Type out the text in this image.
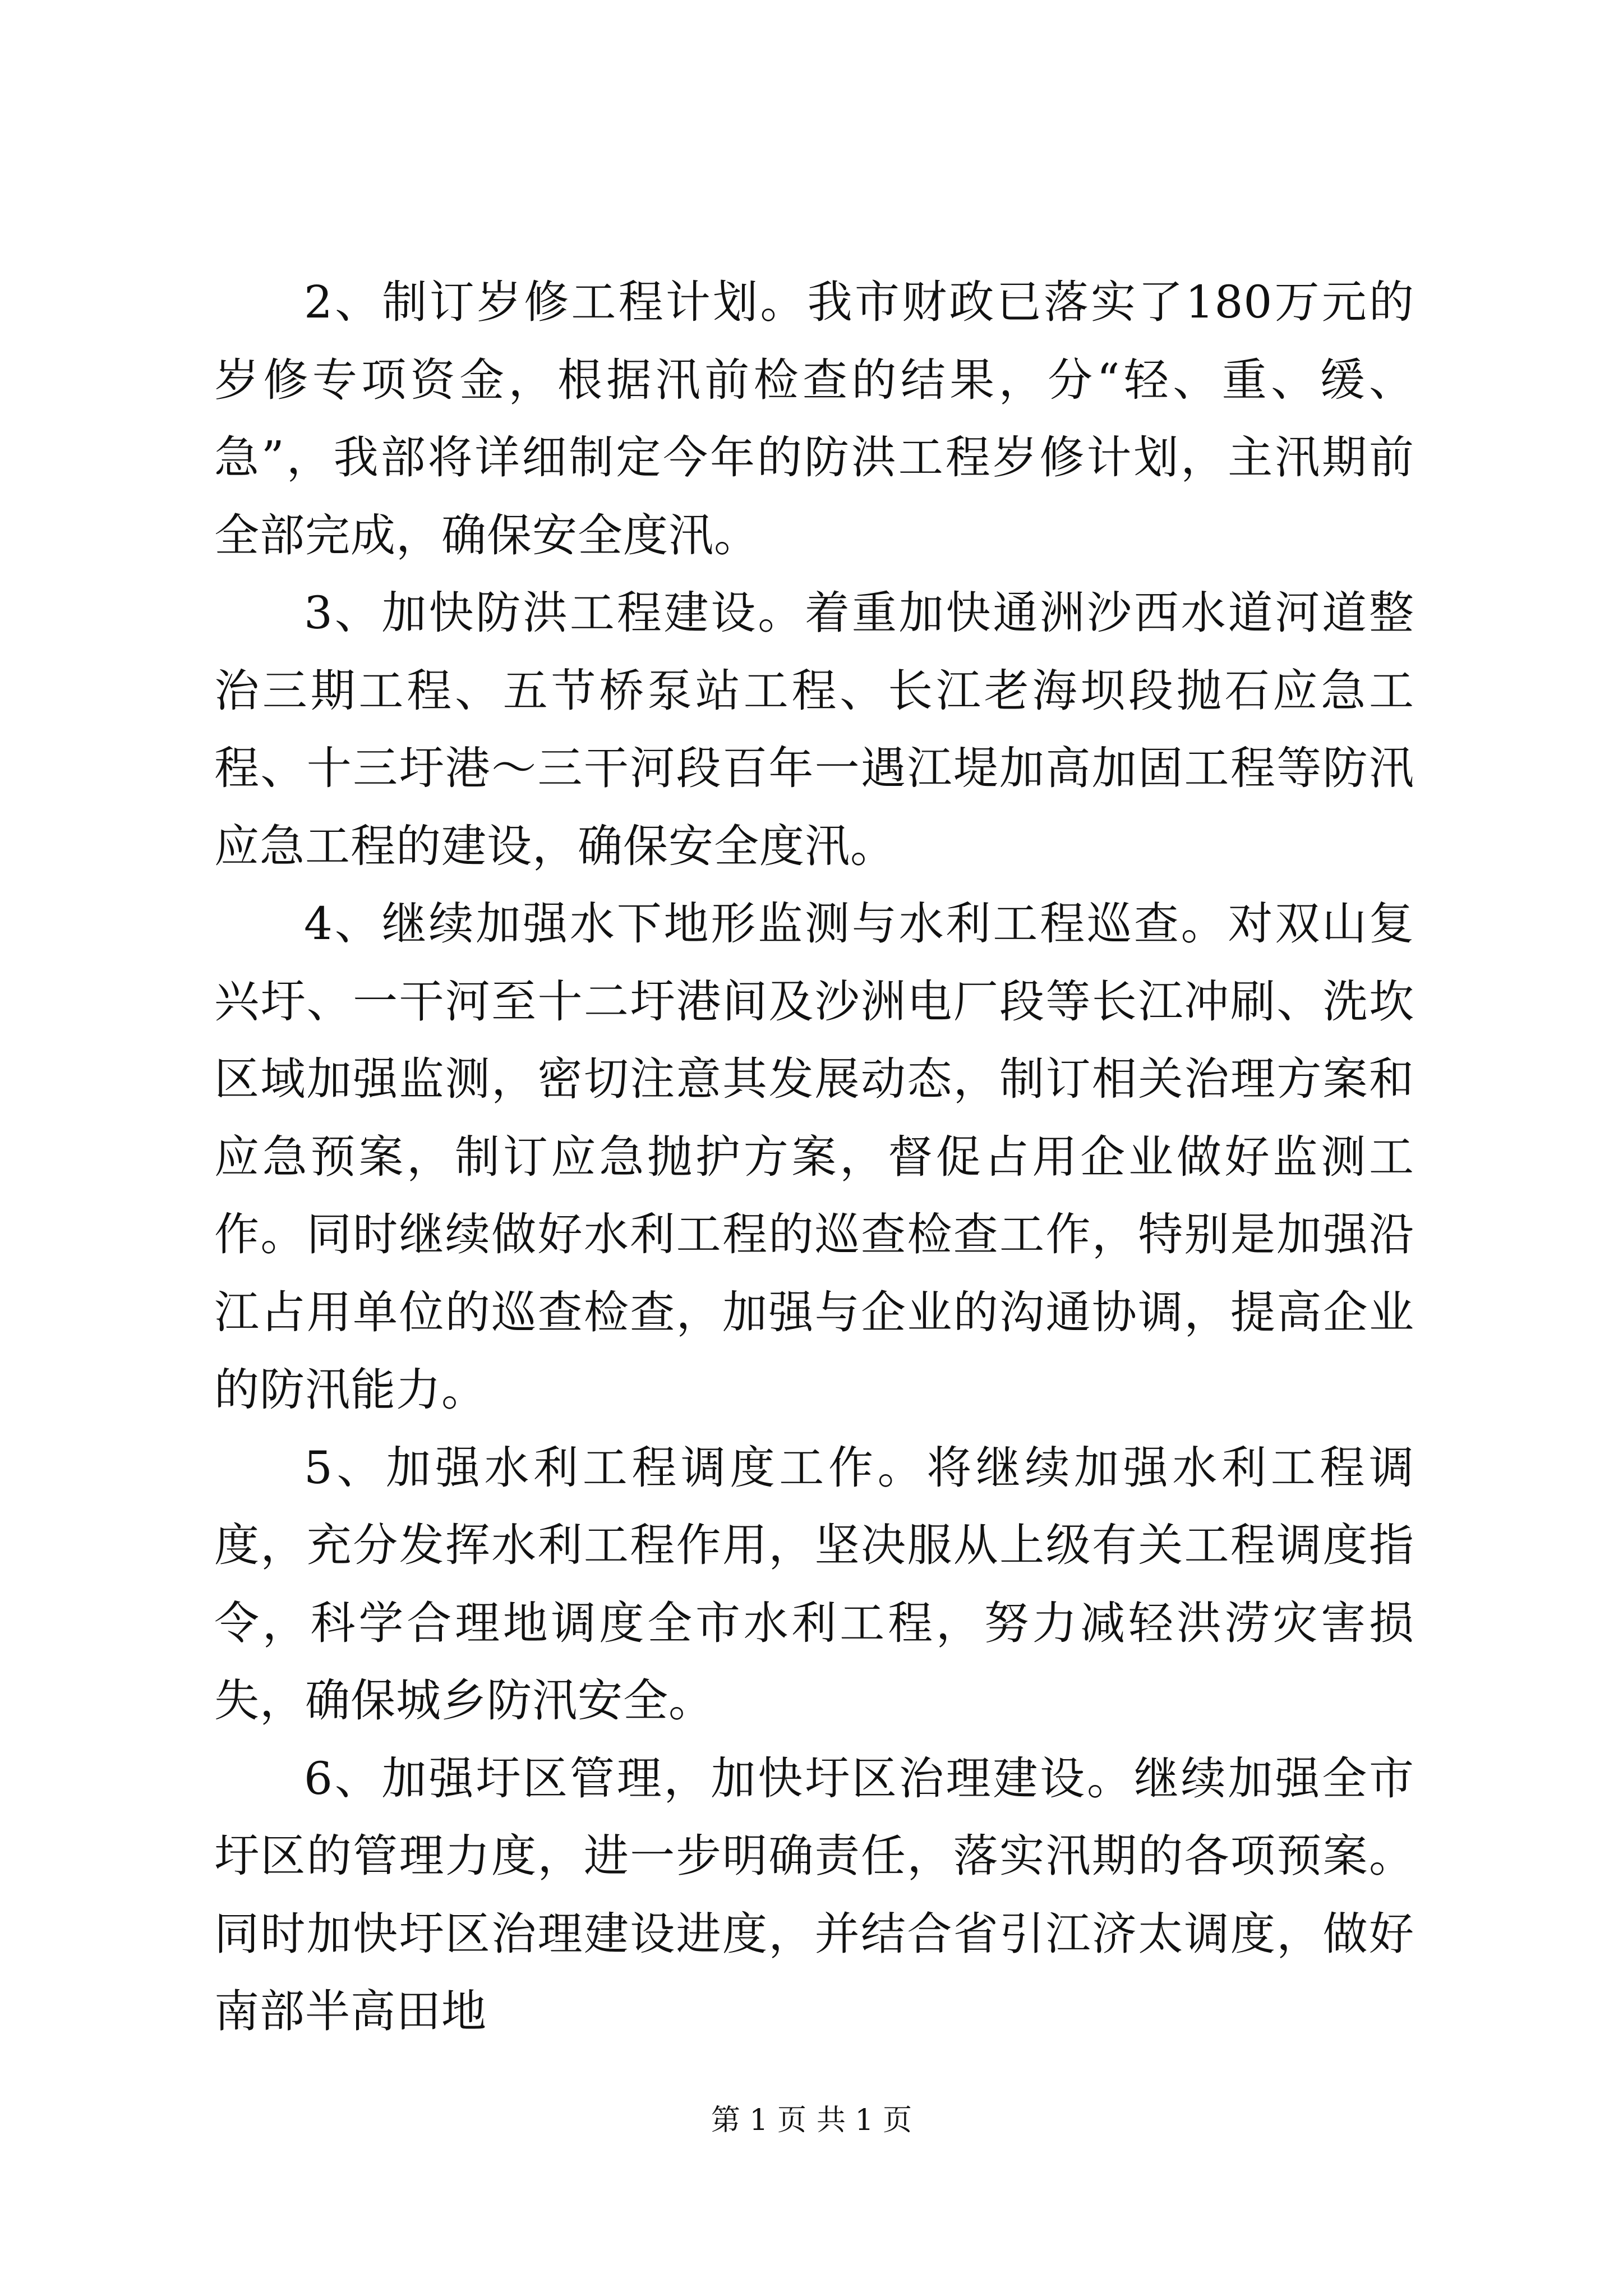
2、制订岁修工程计划。我市财政已落实了180万元的岁修专项资金，根据汛前检查的结果，分“轻、重、缓、急”，我部将详细制定今年的防洪工程岁修计划，主汛期前全部完成，确保安全度汛。

3、加快防洪工程建设。着重加快通洲沙西水道河道整治三期工程、五节桥泵站工程、长江老海坝段抛石应急工程、十三圩港～三干河段百年一遇江堤加高加固工程等防汛应急工程的建设，确保安全度汛。

4、继续加强水下地形监测与水利工程巡查。对双山复兴圩、一干河至十二圩港间及沙洲电厂段等长江冲刷、洗坎区域加强监测，密切注意其发展动态，制订相关治理方案和应急预案，制订应急抛护方案，督促占用企业做好监测工作。同时继续做好水利工程的巡查检查工作，特别是加强沿江占用单位的巡查检查，加强与企业的沟通协调，提高企业的防汛能力。

5、加强水利工程调度工作。将继续加强水利工程调度，充分发挥水利工程作用，坚决服从上级有关工程调度指令，科学合理地调度全市水利工程，努力减轻洪涝灾害损失，确保城乡防汛安全。

6、加强圩区管理，加快圩区治理建设。继续加强全市圩区的管理力度，进一步明确责任，落实汛期的各项预案。同时加快圩区治理建设进度，并结合省引江济太调度，做好南部半高田地

第 1 页 共 1 页
